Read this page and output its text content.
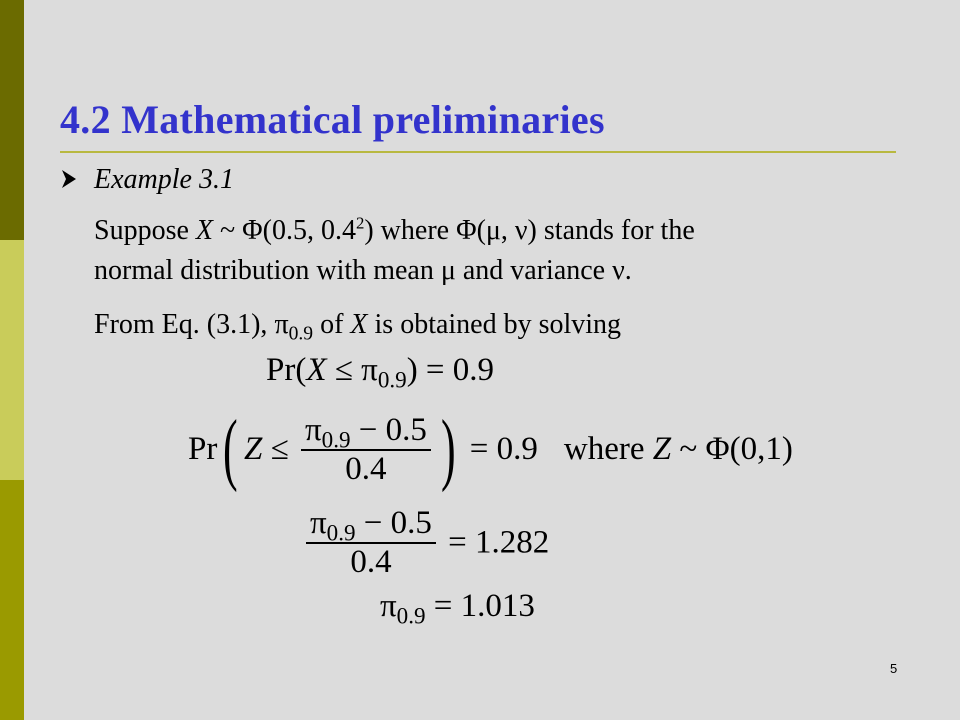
4.2 Mathematical preliminaries
Example 3.1
Suppose X ~ Φ(0.5, $0.4^2$) where Φ(μ, ν) stands for the
normal distribution with mean μ and variance ν.
From Eq. (3.1), $\pi_{0.9}$ of X is obtained by solving
$Pr(X \le \pi_{0.9}) = 0.9$
Pr( $Z \le \frac{\pi_{0.9} - 0.5}{0.4}$ ) = 0.9 where Z ~ Φ(0,1)
$\frac{\pi_{0.9} - 0.5}{0.4} = 1.282$
$\pi_{0.9} = 1.013$
5
